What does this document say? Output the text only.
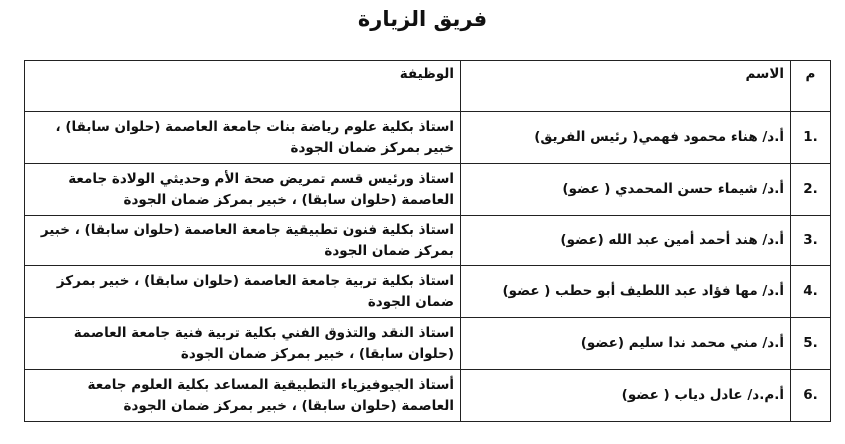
فريق الزيارة
م	الاسم	الوظيفة
.1	أ.د/ هناء محمود فهمي( رئيس الفريق)	استاذ بكلية علوم رياضة بنات جامعة العاصمة (حلوان سابقا) ، خبير بمركز ضمان الجودة
.2	أ.د/ شيماء حسن المحمدي ( عضو)	استاذ ورئيس قسم تمريض صحة الأم وحديثي الولادة جامعة العاصمة (حلوان سابقا) ، خبير بمركز ضمان الجودة
.3	أ.د/ هند أحمد أمين عبد الله (عضو)	استاذ بكلية فنون تطبيقية جامعة العاصمة (حلوان سابقا) ، خبير بمركز ضمان الجودة
.4	أ.د/ مها فؤاد عبد اللطيف أبو حطب ( عضو)	استاذ بكلية تربية جامعة العاصمة (حلوان سابقا) ، خبير بمركز ضمان الجودة
.5	أ.د/ مني محمد ندا سليم (عضو)	استاذ النقد والتذوق الفني بكلية تربية فنية جامعة العاصمة (حلوان سابقا) ، خبير بمركز ضمان الجودة
.6	أ.م.د/ عادل دياب ( عضو)	أستاذ الجيوفيزياء التطبيقية المساعد بكلية العلوم جامعة العاصمة (حلوان سابقا) ، خبير بمركز ضمان الجودة
